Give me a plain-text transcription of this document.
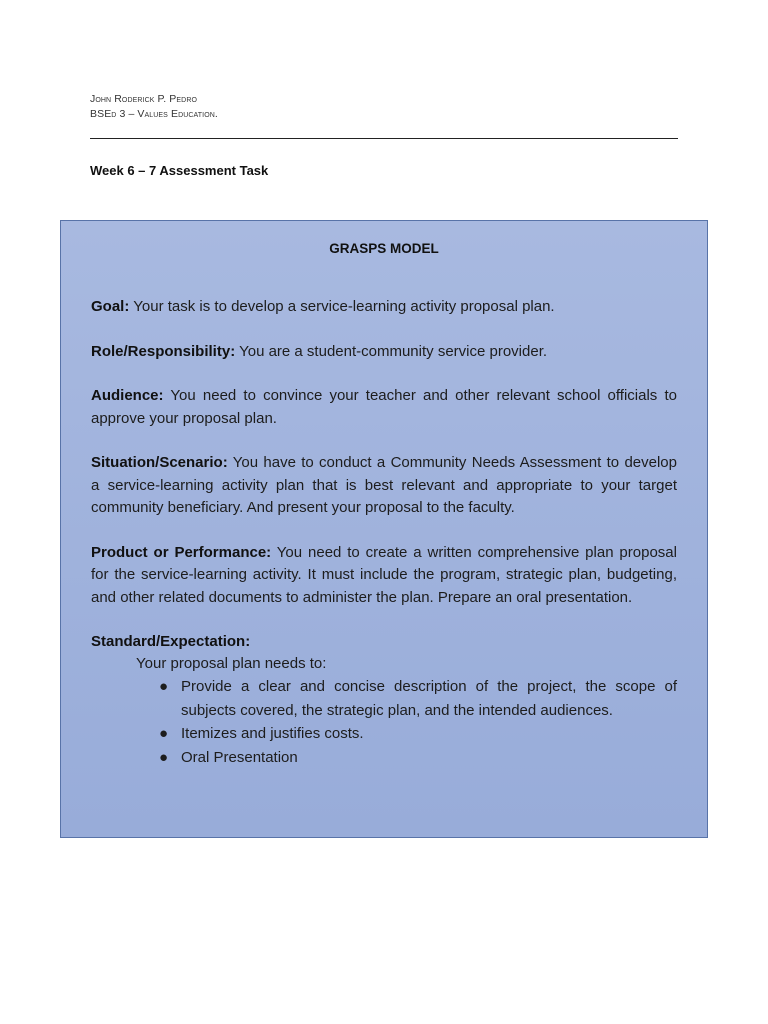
John Roderick P. Pedro
BSEd 3 – Values Education.
Week 6 – 7 Assessment Task
GRASPS MODEL

Goal: Your task is to develop a service-learning activity proposal plan.

Role/Responsibility: You are a student-community service provider.

Audience: You need to convince your teacher and other relevant school officials to approve your proposal plan.

Situation/Scenario: You have to conduct a Community Needs Assessment to develop a service-learning activity plan that is best relevant and appropriate to your target community beneficiary. And present your proposal to the faculty.

Product or Performance: You need to create a written comprehensive plan proposal for the service-learning activity. It must include the program, strategic plan, budgeting, and other related documents to administer the plan. Prepare an oral presentation.

Standard/Expectation:

Your proposal plan needs to:

● Provide a clear and concise description of the project, the scope of subjects covered, the strategic plan, and the intended audiences.
● Itemizes and justifies costs.
● Oral Presentation
